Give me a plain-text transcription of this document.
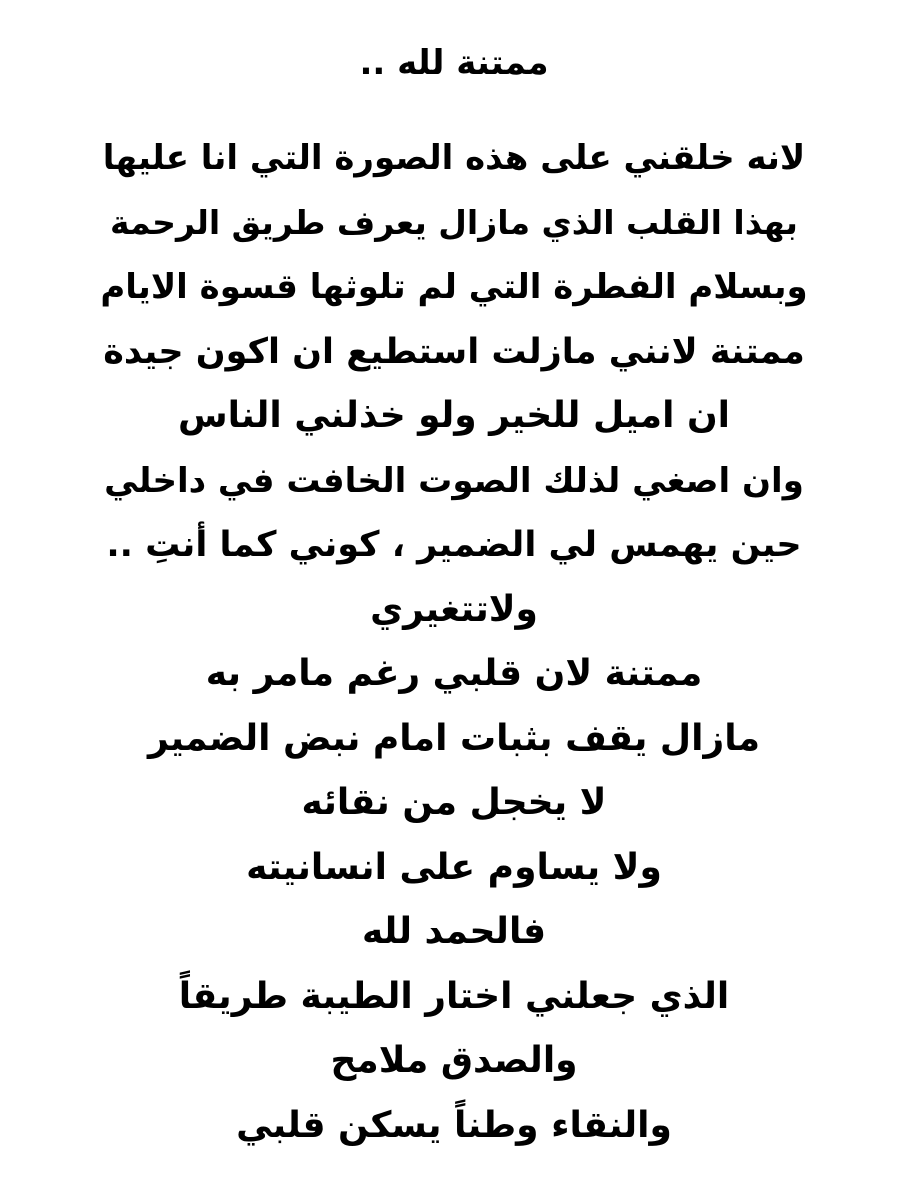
ممتنة لله ..
لانه خلقني على هذه الصورة التي انا عليها
بهذا القلب الذي مازال يعرف طريق الرحمة
وبسلام الفطرة التي لم تلوثها قسوة الايام
ممتنة لانني مازلت استطيع ان اكون جيدة
ان اميل للخير ولو خذلني الناس
وان اصغي لذلك الصوت الخافت في داخلي
حين يهمس لي الضمير ، كوني كما أنتِ ..
ولاتتغيري
ممتنة لان قلبي رغم مامر به
مازال يقف بثبات امام نبض الضمير
لا يخجل من نقائه
ولا يساوم على انسانيته
فالحمد لله
الذي جعلني اختار الطيبة طريقاً
والصدق ملامح
والنقاء وطناً يسكن قلبي
